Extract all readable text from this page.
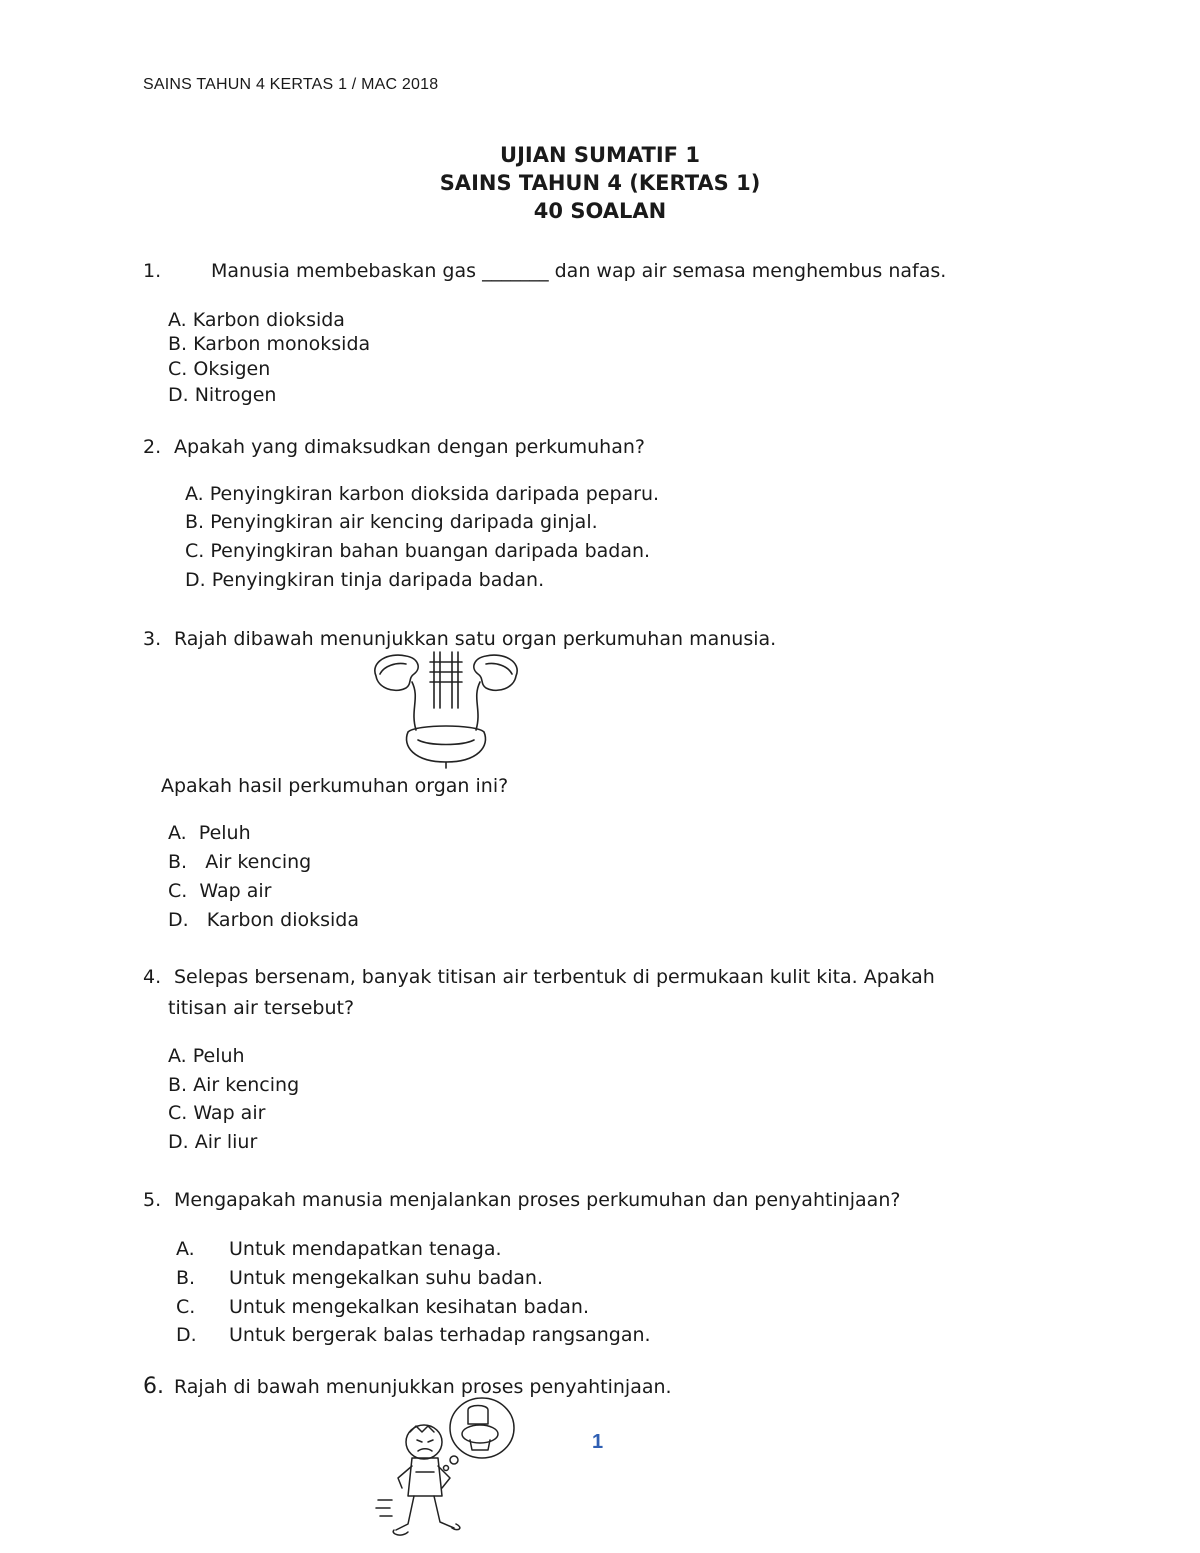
SAINS TAHUN 4 KERTAS 1 / MAC 2018
UJIAN SUMATIF 1
SAINS TAHUN 4 (KERTAS 1)
40 SOALAN
1.	Manusia membebaskan gas _______ dan wap air semasa menghembus nafas.
A. Karbon dioksida
B. Karbon monoksida
C. Oksigen
D. Nitrogen
2. Apakah yang dimaksudkan dengan perkumuhan?
A. Penyingkiran karbon dioksida daripada peparu.
B. Penyingkiran air kencing daripada ginjal.
C. Penyingkiran bahan buangan daripada badan.
D. Penyingkiran tinja daripada badan.
3. Rajah dibawah menunjukkan satu organ perkumuhan manusia.
Apakah hasil perkumuhan organ ini?
A. Peluh
B. Air kencing
C. Wap air
D. Karbon dioksida
4. Selepas bersenam, banyak titisan air terbentuk di permukaan kulit kita. Apakah
titisan air tersebut?
A. Peluh
B. Air kencing
C. Wap air
D. Air liur
5. Mengapakah manusia menjalankan proses perkumuhan dan penyahtinjaan?
A. Untuk mendapatkan tenaga.
B. Untuk mengekalkan suhu badan.
C. Untuk mengekalkan kesihatan badan.
D. Untuk bergerak balas terhadap rangsangan.
6. Rajah di bawah menunjukkan proses penyahtinjaan.
1
